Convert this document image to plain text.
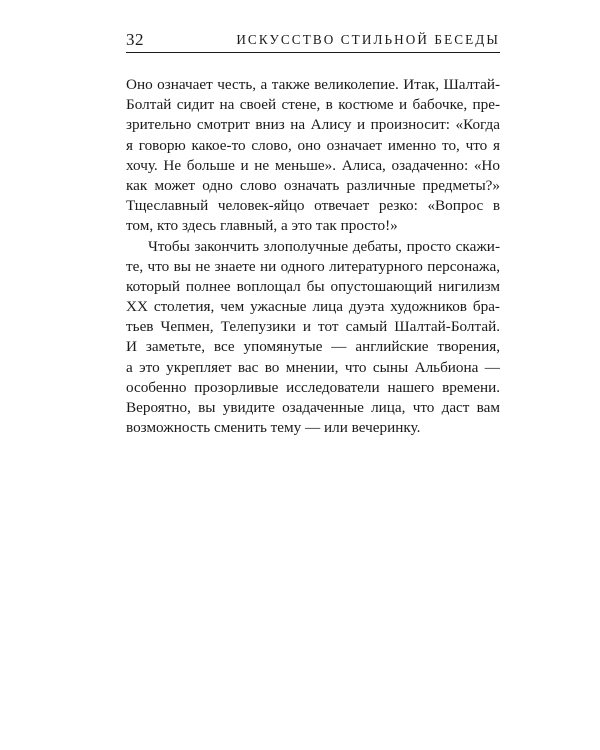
32	ИСКУССТВО СТИЛЬНОЙ БЕСЕДЫ
Оно означает честь, а также великолепие. Итак, Шалтай-
Болтай сидит на своей стене, в костюме и бабочке, пре-
зрительно смотрит вниз на Алису и произносит: «Когда
я говорю какое-то слово, оно означает именно то, что я
хочу. Не больше и не меньше». Алиса, озадаченно: «Но
как может одно слово означать различные предметы?»
Тщеславный человек-яйцо отвечает резко: «Вопрос в
том, кто здесь главный, а это так просто!»
Чтобы закончить злополучные дебаты, просто скажи-
те, что вы не знаете ни одного литературного персонажа,
который полнее воплощал бы опустошающий нигилизм
XX столетия, чем ужасные лица дуэта художников бра-
тьев Чепмен, Телепузики и тот самый Шалтай-Болтай.
И заметьте, все упомянутые — английские творения,
а это укрепляет вас во мнении, что сыны Альбиона —
особенно прозорливые исследователи нашего времени.
Вероятно, вы увидите озадаченные лица, что даст вам
возможность сменить тему — или вечеринку.
